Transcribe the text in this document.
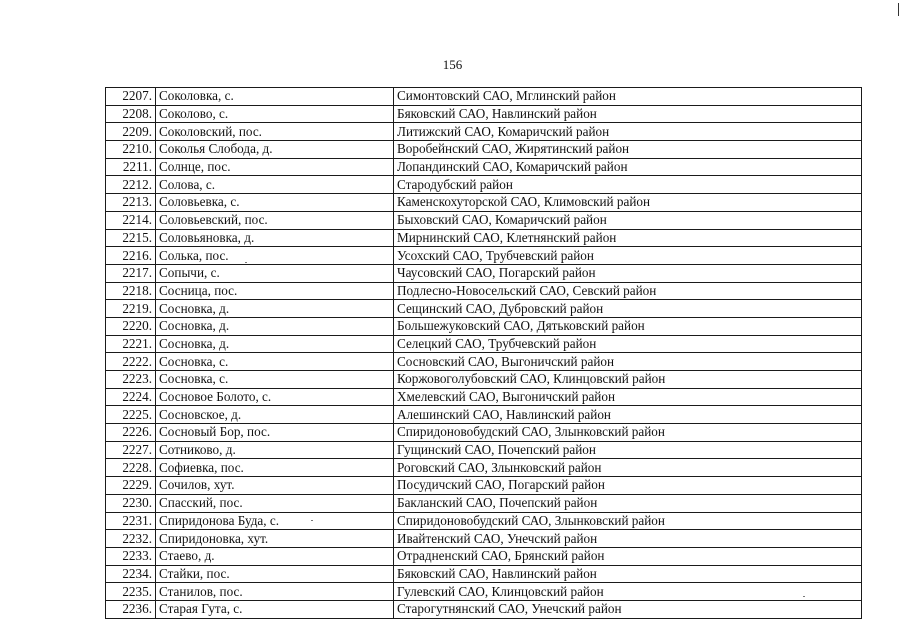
156
2207.	Соколовка, с.	Симонтовский САО, Мглинский район
2208.	Соколово, с.	Бяковский САО, Навлинский район
2209.	Соколовский, пос.	Литижский САО, Комаричский район
2210.	Соколья Слобода, д.	Воробейнский САО, Жирятинский район
2211.	Солнце, пос.	Лопандинский САО, Комаричский район
2212.	Солова, с.	Стародубский район
2213.	Соловьевка, с.	Каменскохуторской САО, Климовский район
2214.	Соловьевский, пос.	Быховский САО, Комаричский район
2215.	Соловьяновка, д.	Мирнинский САО, Клетнянский район
2216.	Солька, пос.	Усохский САО, Трубчевский район
2217.	Сопычи, с.	Чаусовский САО, Погарский район
2218.	Сосница, пос.	Подлесно-Новосельский САО, Севский район
2219.	Сосновка, д.	Сещинский САО, Дубровский район
2220.	Сосновка, д.	Большежуковский САО, Дятьковский район
2221.	Сосновка, д.	Селецкий САО, Трубчевский район
2222.	Сосновка, с.	Сосновский САО, Выгоничский район
2223.	Сосновка, с.	Коржовоголубовский САО, Клинцовский район
2224.	Сосновое Болото, с.	Хмелевский САО, Выгоничский район
2225.	Сосновское, д.	Алешинский САО, Навлинский район
2226.	Сосновый Бор, пос.	Спиридоновобудский САО, Злынковский район
2227.	Сотниково, д.	Гущинский САО, Почепский район
2228.	Софиевка, пос.	Роговский САО, Злынковский район
2229.	Сочилов, хут.	Посудичский САО, Погарский район
2230.	Спасский, пос.	Бакланский САО, Почепский район
2231.	Спиридонова Буда, с.	Спиридоновобудский САО, Злынковский район
2232.	Спиридоновка, хут.	Ивайтенский САО, Унечский район
2233.	Стаево, д.	Отрадненский САО, Брянский район
2234.	Стайки, пос.	Бяковский САО, Навлинский район
2235.	Станилов, пос.	Гулевский САО, Клинцовский район
2236.	Старая Гута, с.	Старогутнянский САО, Унечский район
